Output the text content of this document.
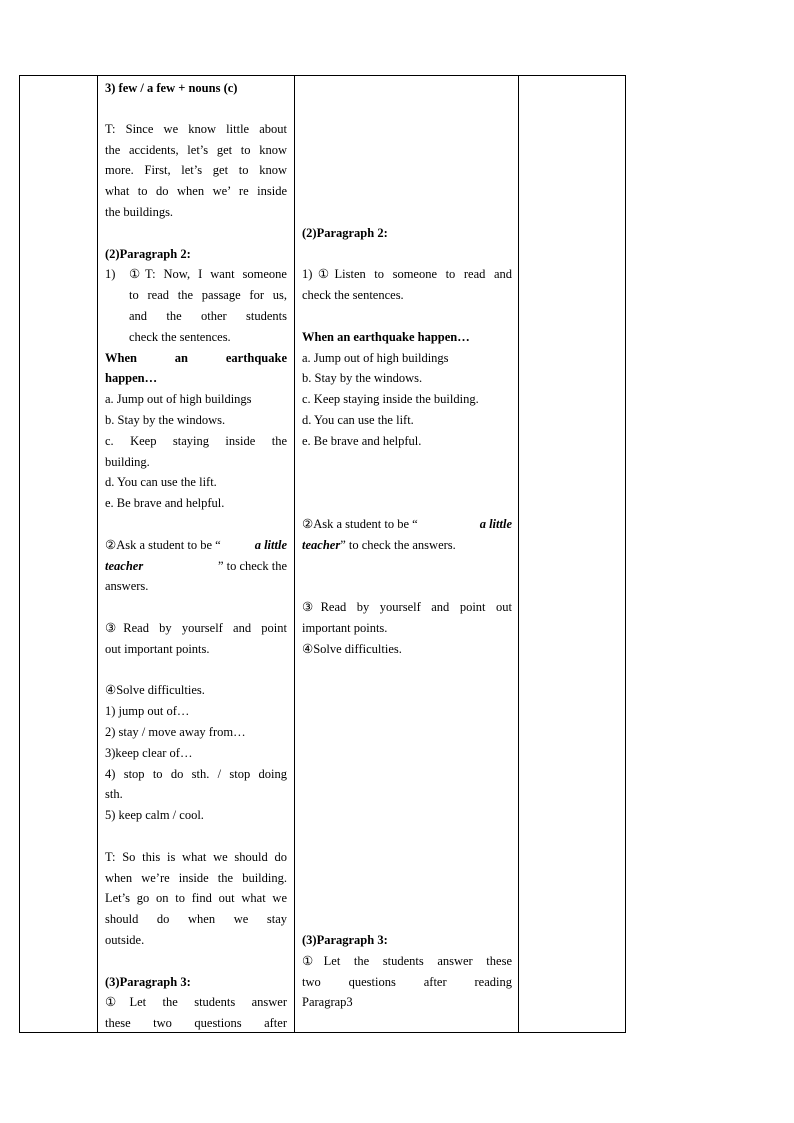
3) few / a few + nouns (c)
T: Since we know little about
the accidents, let’s get to know
more. First, let’s get to know
what to do when we’ re inside
the buildings.
(2)Paragraph 2:
1) ①T: Now, I want someone
to read the passage for us,
and the other students
check the sentences.
When an earthquake
happen…
a. Jump out of high buildings
b. Stay by the windows.
c. Keep staying inside the
building.
d. You can use the lift.
e. Be brave and helpful.
②Ask a student to be “	a little
teacher	” to check the
answers.
③Read by yourself and point
out important points.
④Solve difficulties.
1) jump out of…
2) stay / move away from…
3)keep clear of…
4) stop to do sth. / stop doing
sth.
5) keep calm / cool.
T: So this is what we should do
when we’re inside the building.
Let’s go on to find out what we
should do when we stay
outside.
(3)Paragraph 3:
①Let the students answer
these two questions after

(2)Paragraph 2:
1)①Listen to someone to read and
check the sentences.
When an earthquake happen…
a. Jump out of high buildings
b. Stay by the windows.
c. Keep staying inside the building.
d. You can use the lift.
e. Be brave and helpful.
②Ask a student to be “	a little
teacher” to check the answers.
③Read by yourself and point out
important points.
④Solve difficulties.
(3)Paragraph 3:
①Let the students answer these
two questions after reading
Paragrap3
